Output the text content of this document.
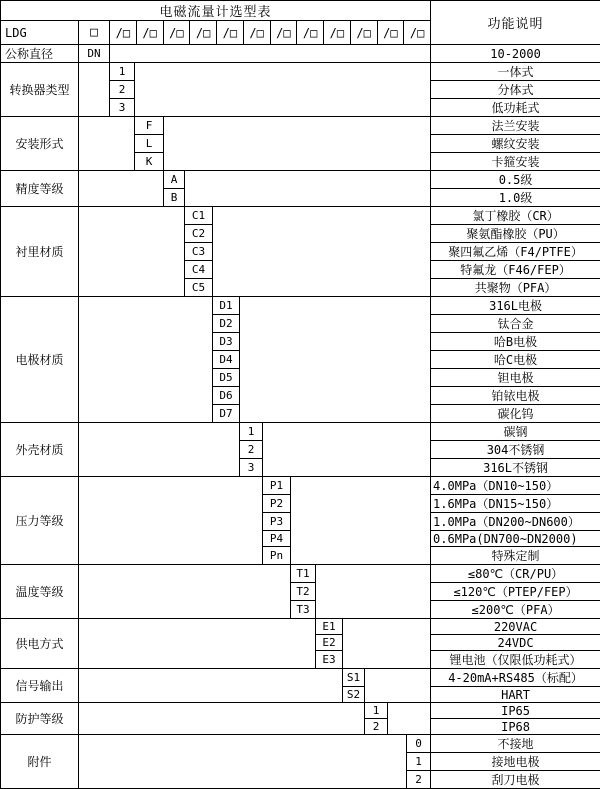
电磁流量计选型表															功能说明
LDG	□	/□	/□	/□	/□	/□	/□	/□	/□	/□	/□	/□	/□

公称直径	DN														10-2000
转换器类型		1													一体式
		2													分体式
		3													低功耗式
安装形式			F												法兰安装
			L												螺纹安装
			K												卡箍安装
精度等级				A											0.5级
				B											1.0级
衬里材质					C1										氯丁橡胶（CR）
					C2										聚氨酯橡胶（PU）
					C3										聚四氟乙烯（F4/PTFE）
					C4										特氟龙（F46/FEP）
					C5										共聚物（PFA）
电极材质						D1									316L电极
						D2									钛合金
						D3									哈B电极
						D4									哈C电极
						D5									钽电极
						D6									铂铱电极
						D7									碳化钨
外壳材质							1								碳钢
							2								304不锈钢
							3								316L不锈钢
压力等级								P1							4.0MPa（DN10~150）
								P2							1.6MPa（DN15~150）
								P3							1.0MPa（DN200~DN600）
								P4							0.6MPa(DN700~DN2000)
								Pn							特殊定制
温度等级									T1						≤80℃（CR/PU）
									T2						≤120℃（PTEP/FEP）
									T3						≤200℃（PFA）
供电方式										E1					220VAC
										E2					24VDC
										E3					锂电池（仅限低功耗式）
信号输出											S1				4-20mA+RS485（标配）
											S2				HART
防护等级												1			IP65
												2			IP68
附件														0	不接地
														1	接地电极
														2	刮刀电极
